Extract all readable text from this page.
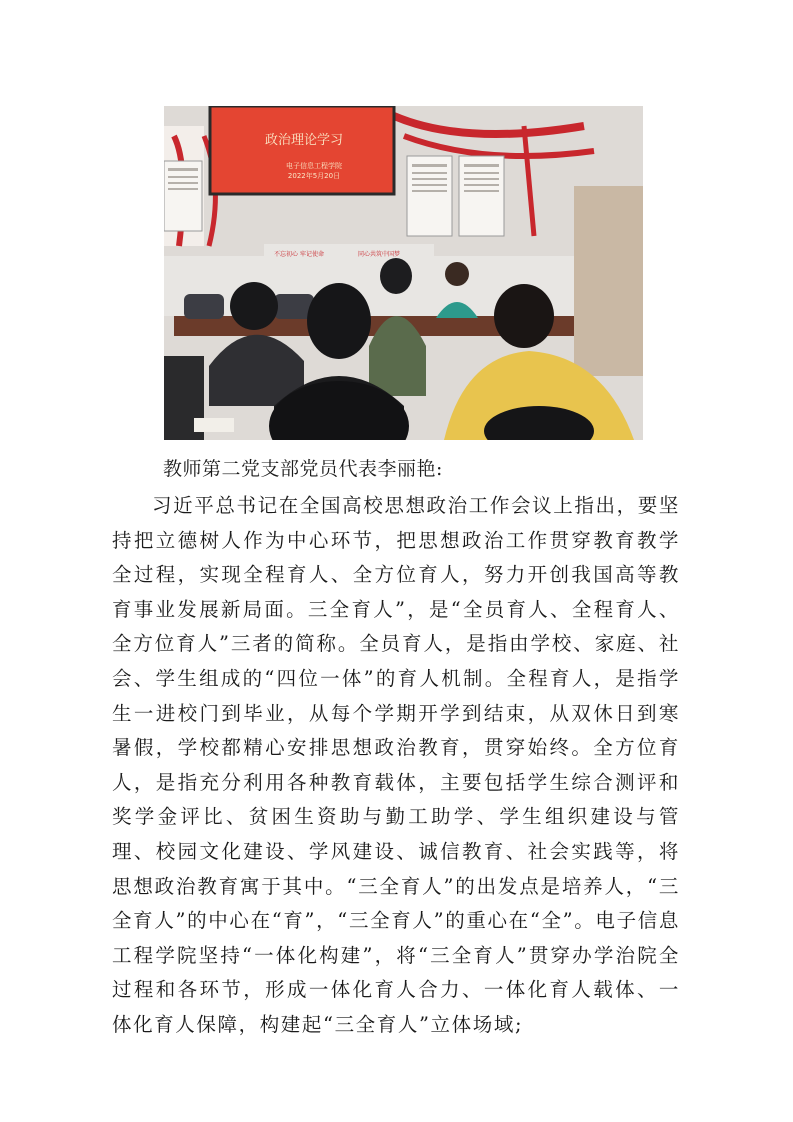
政治理论学习
电子信息工程学院
2022年5月20日
不忘初心 牢记使命	同心共筑中国梦
教师第二党支部党员代表李丽艳:

习近平总书记在全国高校思想政治工作会议上指出，要坚持把立德树人作为中心环节，把思想政治工作贯穿教育教学全过程，实现全程育人、全方位育人，努力开创我国高等教育事业发展新局面。三全育人”，是“全员育人、全程育人、全方位育人”三者的简称。全员育人，是指由学校、家庭、社会、学生组成的“四位一体”的育人机制。全程育人，是指学生一进校门到毕业，从每个学期开学到结束，从双休日到寒暑假，学校都精心安排思想政治教育，贯穿始终。全方位育人，是指充分利用各种教育载体，主要包括学生综合测评和奖学金评比、贫困生资助与勤工助学、学生组织建设与管理、校园文化建设、学风建设、诚信教育、社会实践等，将思想政治教育寓于其中。“三全育人”的出发点是培养人，“三全育人”的中心在“育”，“三全育人”的重心在“全”。电子信息工程学院坚持“一体化构建”，将“三全育人”贯穿办学治院全过程和各环节，形成一体化育人合力、一体化育人载体、一体化育人保障，构建起“三全育人”立体场域;
